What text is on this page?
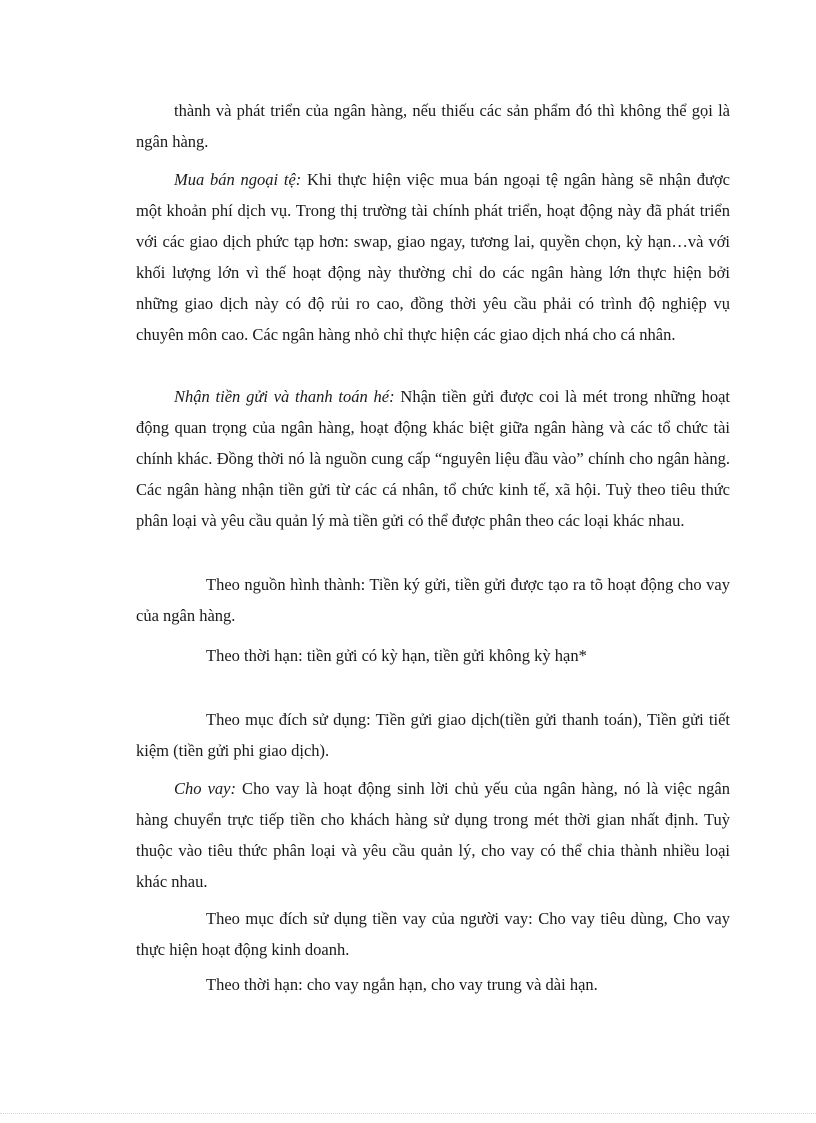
thành và phát triển của ngân hàng, nếu thiếu các sản phẩm đó thì không thể gọi là ngân hàng.

Mua bán ngoại tệ: Khi thực hiện việc mua bán ngoại tệ ngân hàng sẽ nhận được một khoản phí dịch vụ. Trong thị trường tài chính phát triển, hoạt động này đã phát triển với các giao dịch phức tạp hơn: swap, giao ngay, tương lai, quyền chọn, kỳ hạn…và với khối lượng lớn vì thế hoạt động này thường chỉ do các ngân hàng lớn thực hiện bởi những giao dịch này có độ rủi ro cao, đồng thời yêu cầu phải có trình độ nghiệp vụ chuyên môn cao. Các ngân hàng nhỏ chỉ thực hiện các giao dịch nhá cho cá nhân.

Nhận tiền gửi và thanh toán hé: Nhận tiền gửi được coi là mét trong những hoạt động quan trọng của ngân hàng, hoạt động khác biệt giữa ngân hàng và các tổ chức tài chính khác. Đồng thời nó là nguồn cung cấp “nguyên liệu đầu vào” chính cho ngân hàng. Các ngân hàng nhận tiền gửi từ các cá nhân, tổ chức kinh tế, xã hội. Tuỳ theo tiêu thức phân loại và yêu cầu quản lý mà tiền gửi có thể được phân theo các loại khác nhau.

Theo nguồn hình thành: Tiền ký gửi, tiền gửi được tạo ra tõ hoạt động cho vay của ngân hàng.

Theo thời hạn: tiền gửi có kỳ hạn, tiền gửi không kỳ hạn*

Theo mục đích sử dụng: Tiền gửi giao dịch(tiền gửi thanh toán), Tiền gửi tiết kiệm (tiền gửi phi giao dịch).

Cho vay: Cho vay là hoạt động sinh lời chủ yếu của ngân hàng, nó là việc ngân hàng chuyển trực tiếp tiền cho khách hàng sử dụng trong mét thời gian nhất định. Tuỳ thuộc vào tiêu thức phân loại và yêu cầu quản lý, cho vay có thể chia thành nhiều loại khác nhau.

Theo mục đích sử dụng tiền vay của người vay: Cho vay tiêu dùng, Cho vay thực hiện hoạt động kinh doanh.

Theo thời hạn: cho vay ngắn hạn, cho vay trung và dài hạn.
